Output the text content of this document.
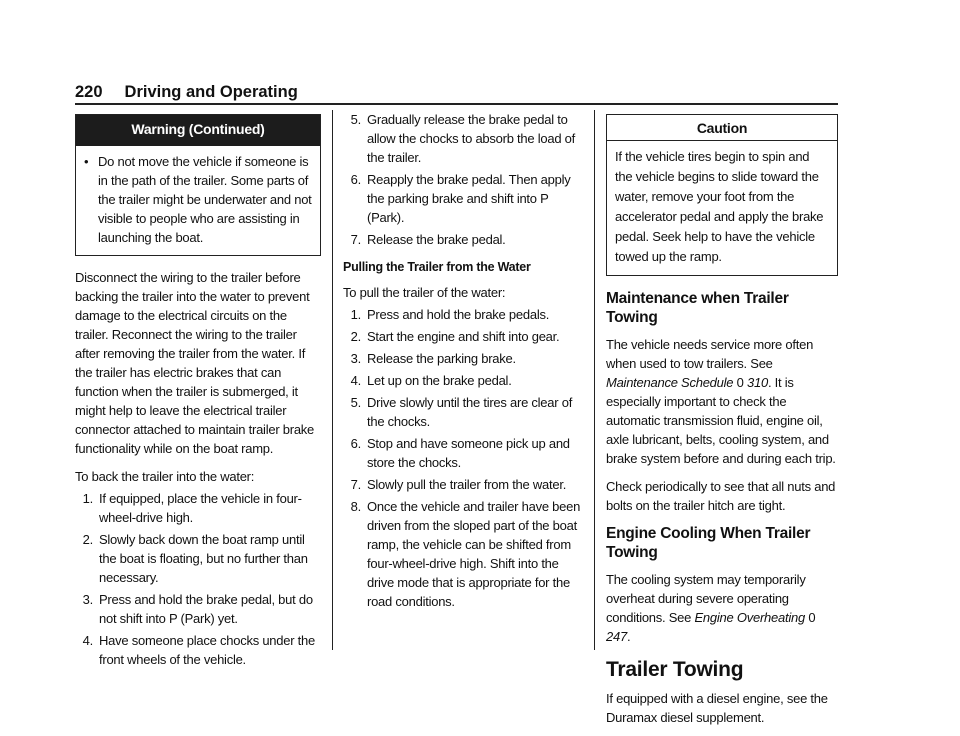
220 Driving and Operating
Warning (Continued)
• Do not move the vehicle if someone is in the path of the trailer. Some parts of the trailer might be underwater and not visible to people who are assisting in launching the boat.

Disconnect the wiring to the trailer before backing the trailer into the water to prevent damage to the electrical circuits on the trailer. Reconnect the wiring to the trailer after removing the trailer from the water. If the trailer has electric brakes that can function when the trailer is submerged, it might help to leave the electrical trailer connector attached to maintain trailer brake functionality while on the boat ramp.

To back the trailer into the water:

1. If equipped, place the vehicle in four-wheel-drive high.
2. Slowly back down the boat ramp until the boat is floating, but no further than necessary.
3. Press and hold the brake pedal, but do not shift into P (Park) yet.
4. Have someone place chocks under the front wheels of the vehicle.
5. Gradually release the brake pedal to allow the chocks to absorb the load of the trailer.
6. Reapply the brake pedal. Then apply the parking brake and shift into P (Park).
7. Release the brake pedal.
Pulling the Trailer from the Water

To pull the trailer of the water:

1. Press and hold the brake pedals.
2. Start the engine and shift into gear.
3. Release the parking brake.
4. Let up on the brake pedal.
5. Drive slowly until the tires are clear of the chocks.
6. Stop and have someone pick up and store the chocks.
7. Slowly pull the trailer from the water.
8. Once the vehicle and trailer have been driven from the sloped part of the boat ramp, the vehicle can be shifted from four-wheel-drive high. Shift into the drive mode that is appropriate for the road conditions.
Caution
If the vehicle tires begin to spin and the vehicle begins to slide toward the water, remove your foot from the accelerator pedal and apply the brake pedal. Seek help to have the vehicle towed up the ramp.
Maintenance when Trailer Towing

The vehicle needs service more often when used to tow trailers. See Maintenance Schedule 0 310. It is especially important to check the automatic transmission fluid, engine oil, axle lubricant, belts, cooling system, and brake system before and during each trip.

Check periodically to see that all nuts and bolts on the trailer hitch are tight.

Engine Cooling When Trailer Towing

The cooling system may temporarily overheat during severe operating conditions. See Engine Overheating 0 247.

Trailer Towing

If equipped with a diesel engine, see the Duramax diesel supplement.
